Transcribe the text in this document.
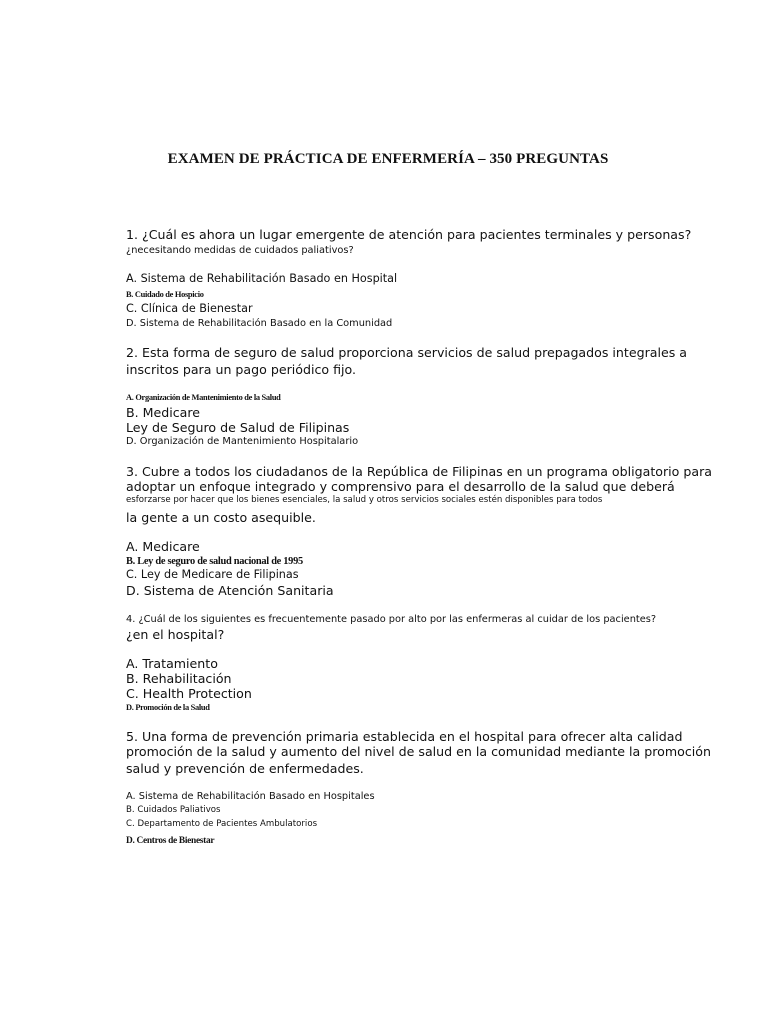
EXAMEN DE PRÁCTICA DE ENFERMERÍA – 350 PREGUNTAS
1. ¿Cuál es ahora un lugar emergente de atención para pacientes terminales y personas?
¿necesitando medidas de cuidados paliativos?
A. Sistema de Rehabilitación Basado en Hospital
B. Cuidado de Hospicio
C. Clínica de Bienestar
D. Sistema de Rehabilitación Basado en la Comunidad
2. Esta forma de seguro de salud proporciona servicios de salud prepagados integrales a
inscritos para un pago periódico fijo.
A. Organización de Mantenimiento de la Salud
B. Medicare
Ley de Seguro de Salud de Filipinas
D. Organización de Mantenimiento Hospitalario
3. Cubre a todos los ciudadanos de la República de Filipinas en un programa obligatorio para
adoptar un enfoque integrado y comprensivo para el desarrollo de la salud que deberá
esforzarse por hacer que los bienes esenciales, la salud y otros servicios sociales estén disponibles para todos
la gente a un costo asequible.
A. Medicare
B. Ley de seguro de salud nacional de 1995
C. Ley de Medicare de Filipinas
D. Sistema de Atención Sanitaria
4. ¿Cuál de los siguientes es frecuentemente pasado por alto por las enfermeras al cuidar de los pacientes?
¿en el hospital?
A. Tratamiento
B. Rehabilitación
C. Health Protection
D. Promoción de la Salud
5. Una forma de prevención primaria establecida en el hospital para ofrecer alta calidad
promoción de la salud y aumento del nivel de salud en la comunidad mediante la promoción
salud y prevención de enfermedades.
A. Sistema de Rehabilitación Basado en Hospitales
B. Cuidados Paliativos
C. Departamento de Pacientes Ambulatorios
D. Centros de Bienestar
